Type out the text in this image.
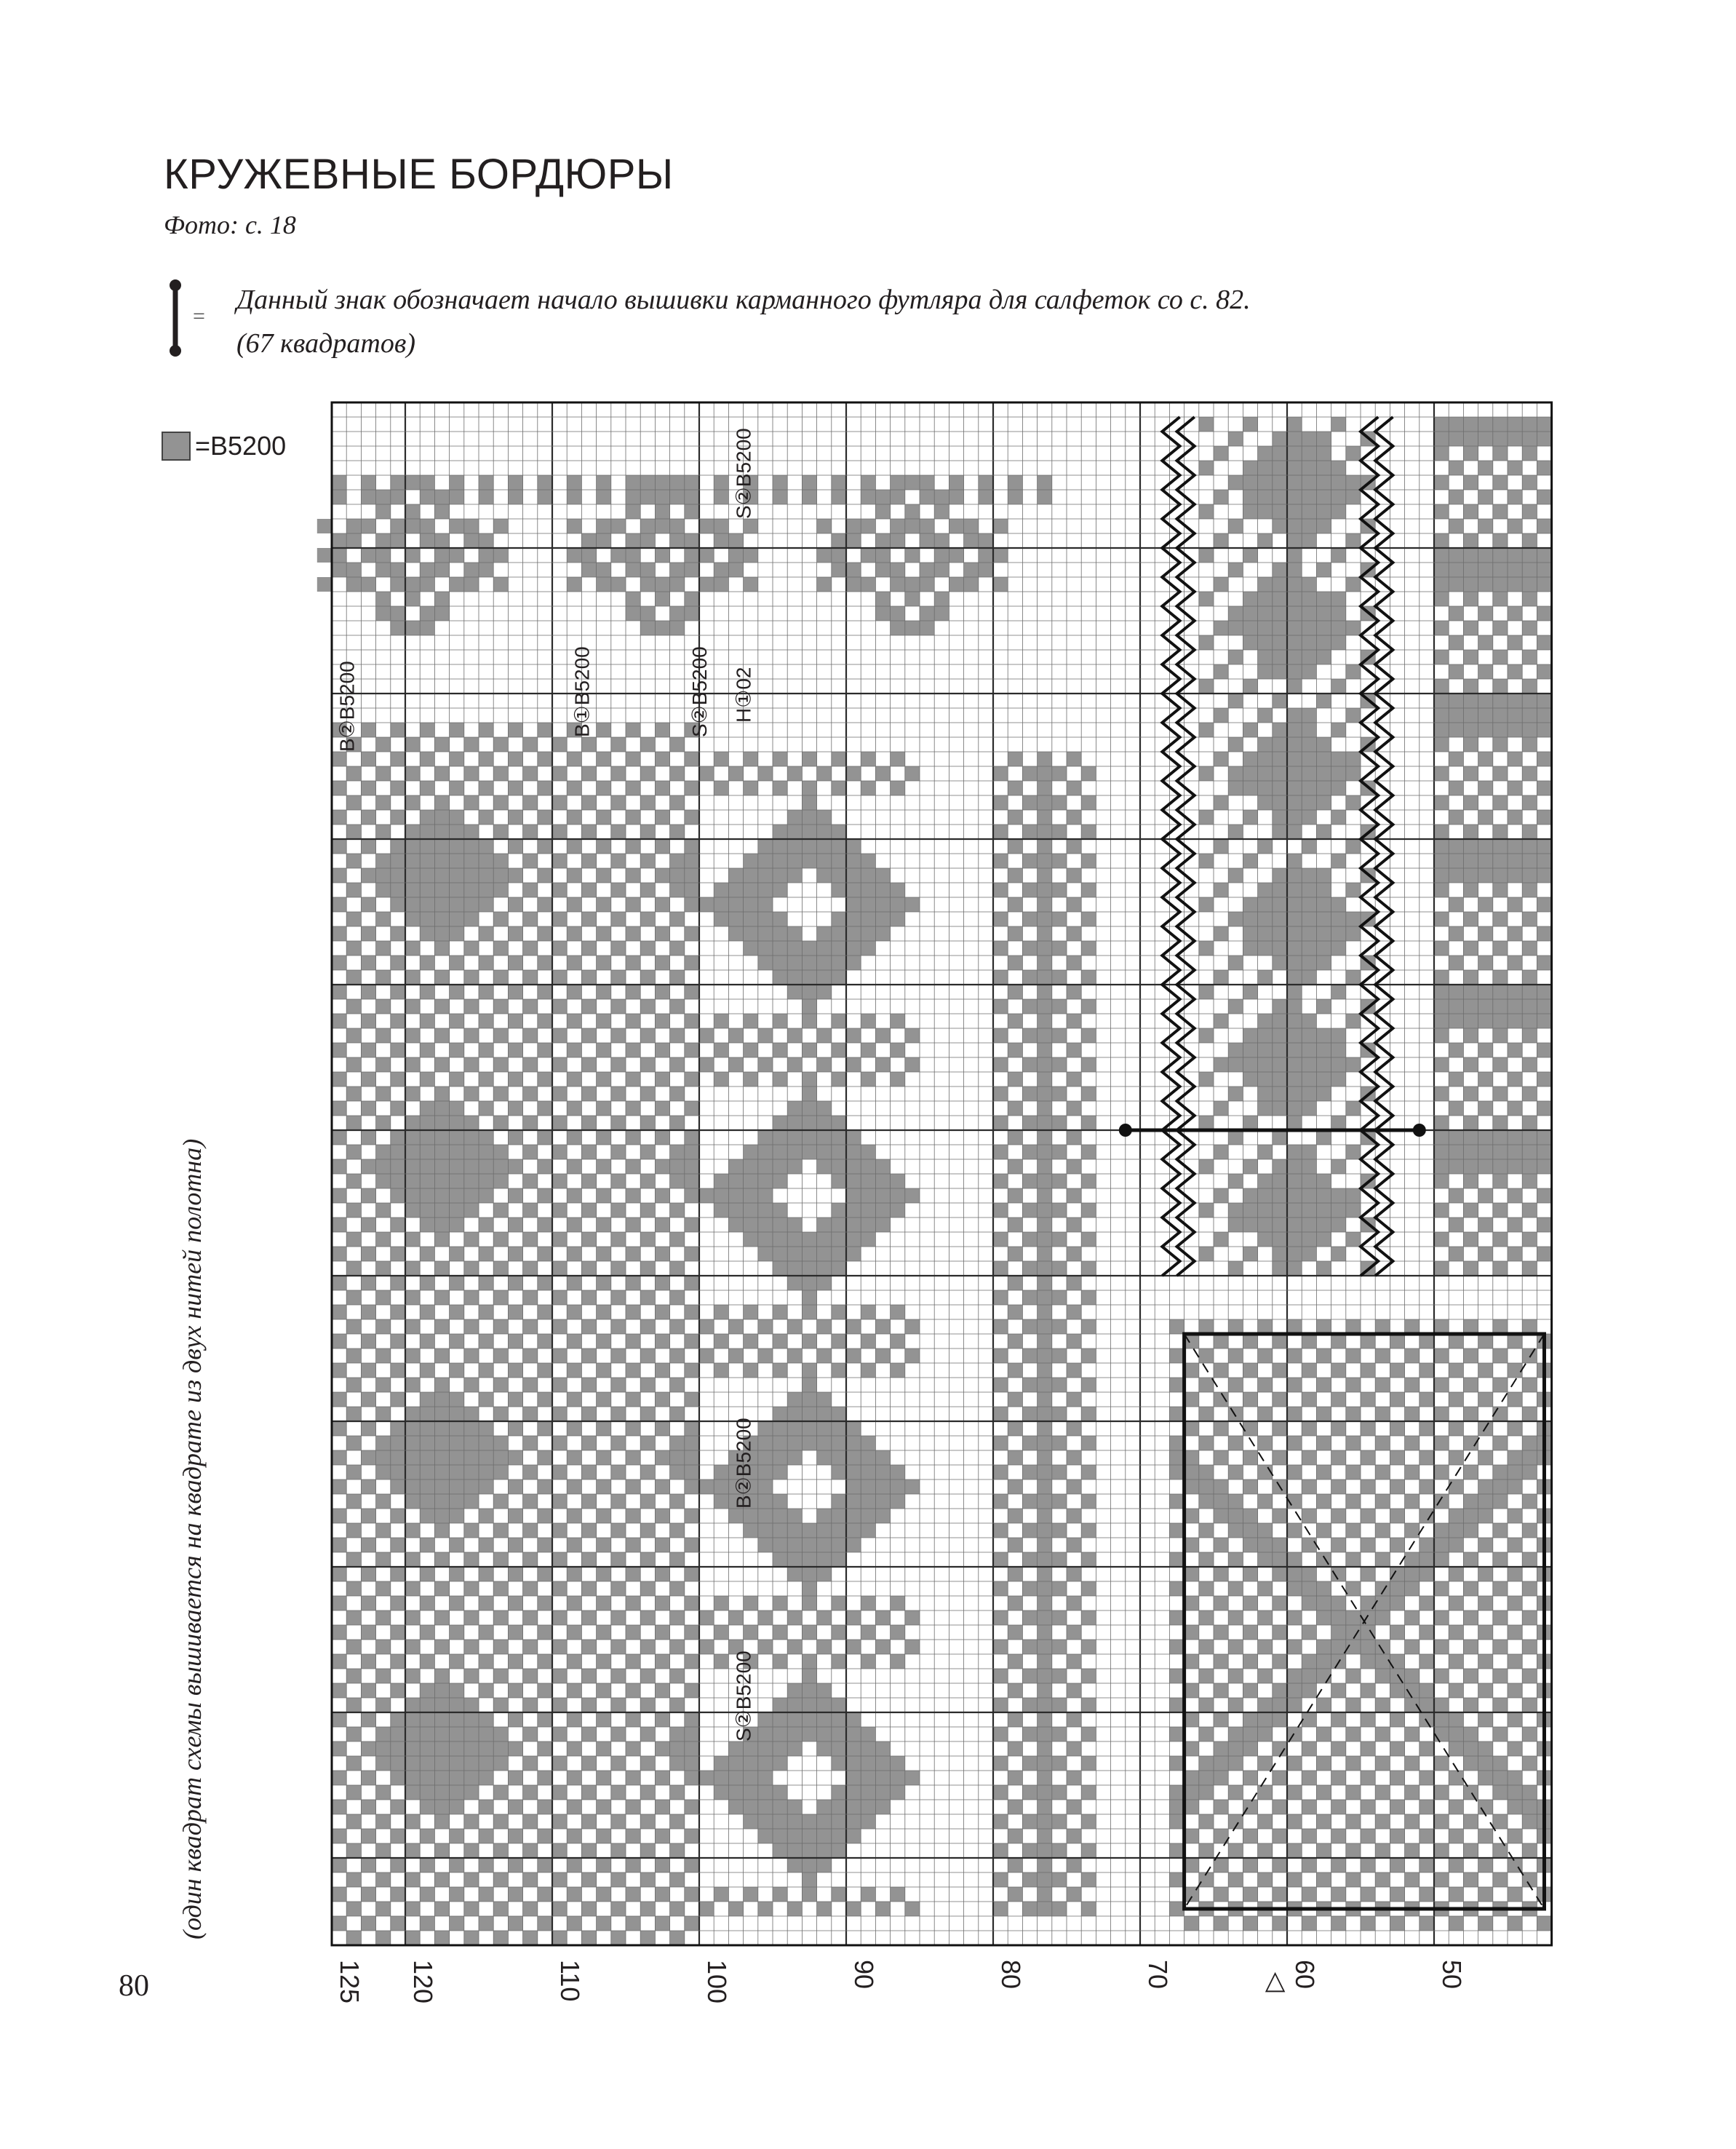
КРУЖЕВНЫЕ БОРДЮРЫ
Фото: с. 18
=
Данный знак обозначает начало вышивки карманного футляра для салфеток со с. 82.
(67 квадратов)
=B5200
(один квадрат схемы вышивается на квадрате из двух нитей полотна)
80	125 120	110	100	90	80	70	60	50
△
B②B5200	B①B5200	S②B5200 H①02
S②B5200
B②B5200
S②B5200
